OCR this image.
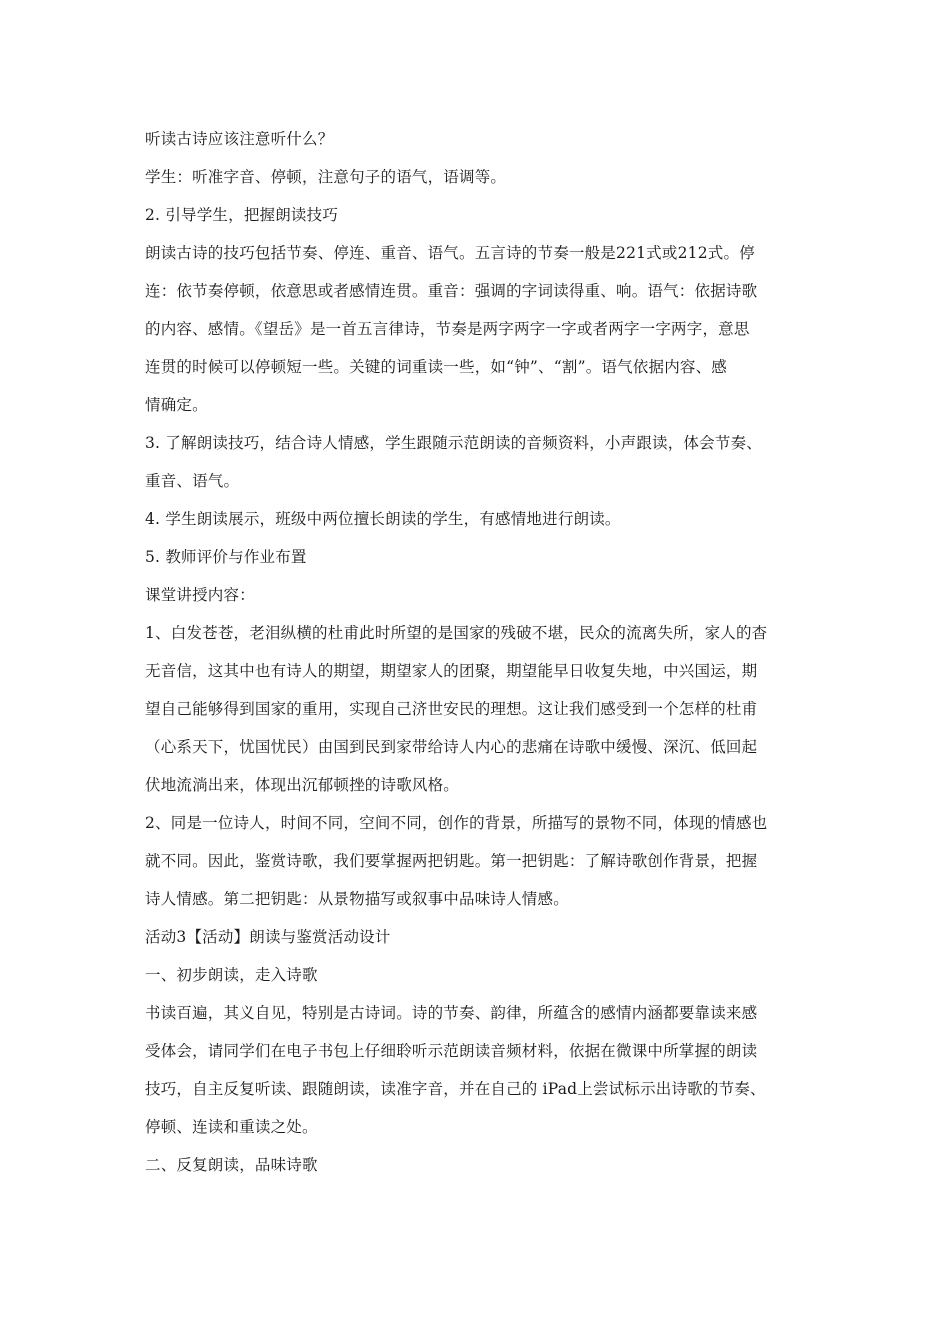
听读古诗应该注意听什么？

学生：听准字音、停顿，注意句子的语气，语调等。

2. 引导学生，把握朗读技巧

朗读古诗的技巧包括节奏、停连、重音、语气。五言诗的节奏一般是221式或212式。停

连：依节奏停顿，依意思或者感情连贯。重音：强调的字词读得重、响。语气：依据诗歌

的内容、感情。《望岳》是一首五言律诗，节奏是两字两字一字或者两字一字两字，意思

连贯的时候可以停顿短一些。关键的词重读一些，如“钟”、“割”。语气依据内容、感

情确定。

3. 了解朗读技巧，结合诗人情感，学生跟随示范朗读的音频资料，小声跟读，体会节奏、

重音、语气。

4. 学生朗读展示，班级中两位擅长朗读的学生，有感情地进行朗读。

5. 教师评价与作业布置

课堂讲授内容：

1、白发苍苍，老泪纵横的杜甫此时所望的是国家的残破不堪，民众的流离失所，家人的杳

无音信，这其中也有诗人的期望，期望家人的团聚，期望能早日收复失地，中兴国运，期

望自己能够得到国家的重用，实现自己济世安民的理想。这让我们感受到一个怎样的杜甫

（心系天下，忧国忧民）由国到民到家带给诗人内心的悲痛在诗歌中缓慢、深沉、低回起

伏地流淌出来，体现出沉郁顿挫的诗歌风格。

2、同是一位诗人，时间不同，空间不同，创作的背景，所描写的景物不同，体现的情感也

就不同。因此，鉴赏诗歌，我们要掌握两把钥匙。第一把钥匙：了解诗歌创作背景，把握

诗人情感。第二把钥匙：从景物描写或叙事中品味诗人情感。

活动3【活动】朗读与鉴赏活动设计

一、初步朗读，走入诗歌

书读百遍，其义自见，特别是古诗词。诗的节奏、韵律，所蕴含的感情内涵都要靠读来感

受体会，请同学们在电子书包上仔细聆听示范朗读音频材料，依据在微课中所掌握的朗读

技巧，自主反复听读、跟随朗读，读准字音，并在自己的 iPad上尝试标示出诗歌的节奏、

停顿、连读和重读之处。

二、反复朗读，品味诗歌
